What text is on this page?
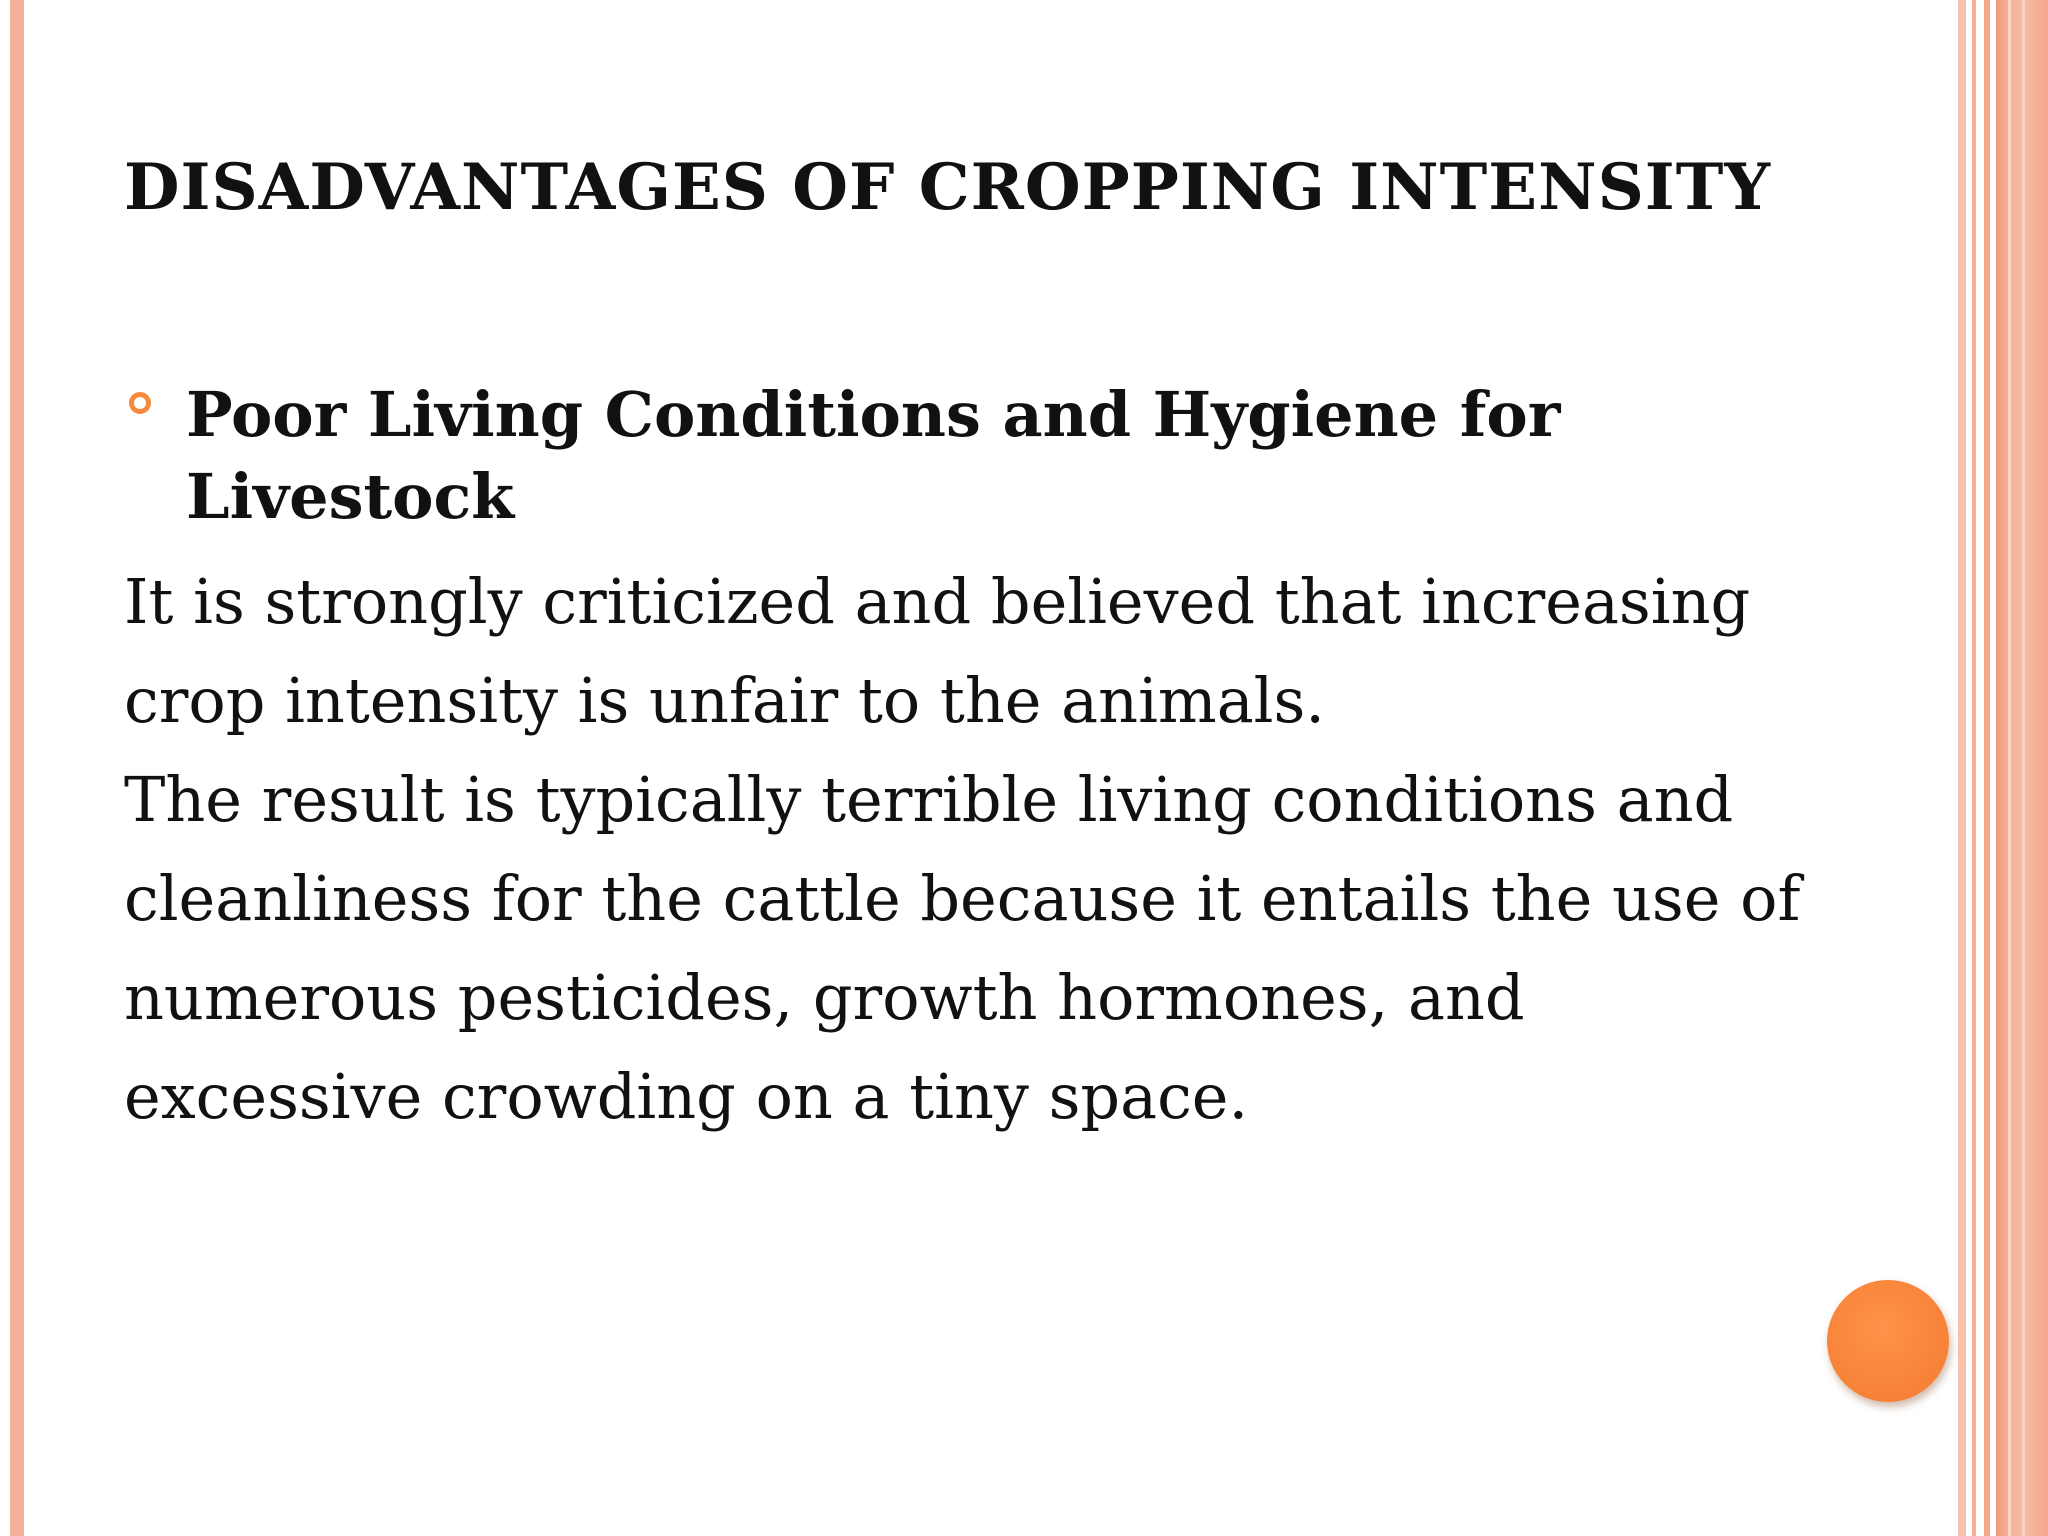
DISADVANTAGES OF CROPPING INTENSITY
Poor Living Conditions and Hygiene for Livestock

It is strongly criticized and believed that increasing crop intensity is unfair to the animals.

The result is typically terrible living conditions and cleanliness for the cattle because it entails the use of numerous pesticides, growth hormones, and excessive crowding on a tiny space.
